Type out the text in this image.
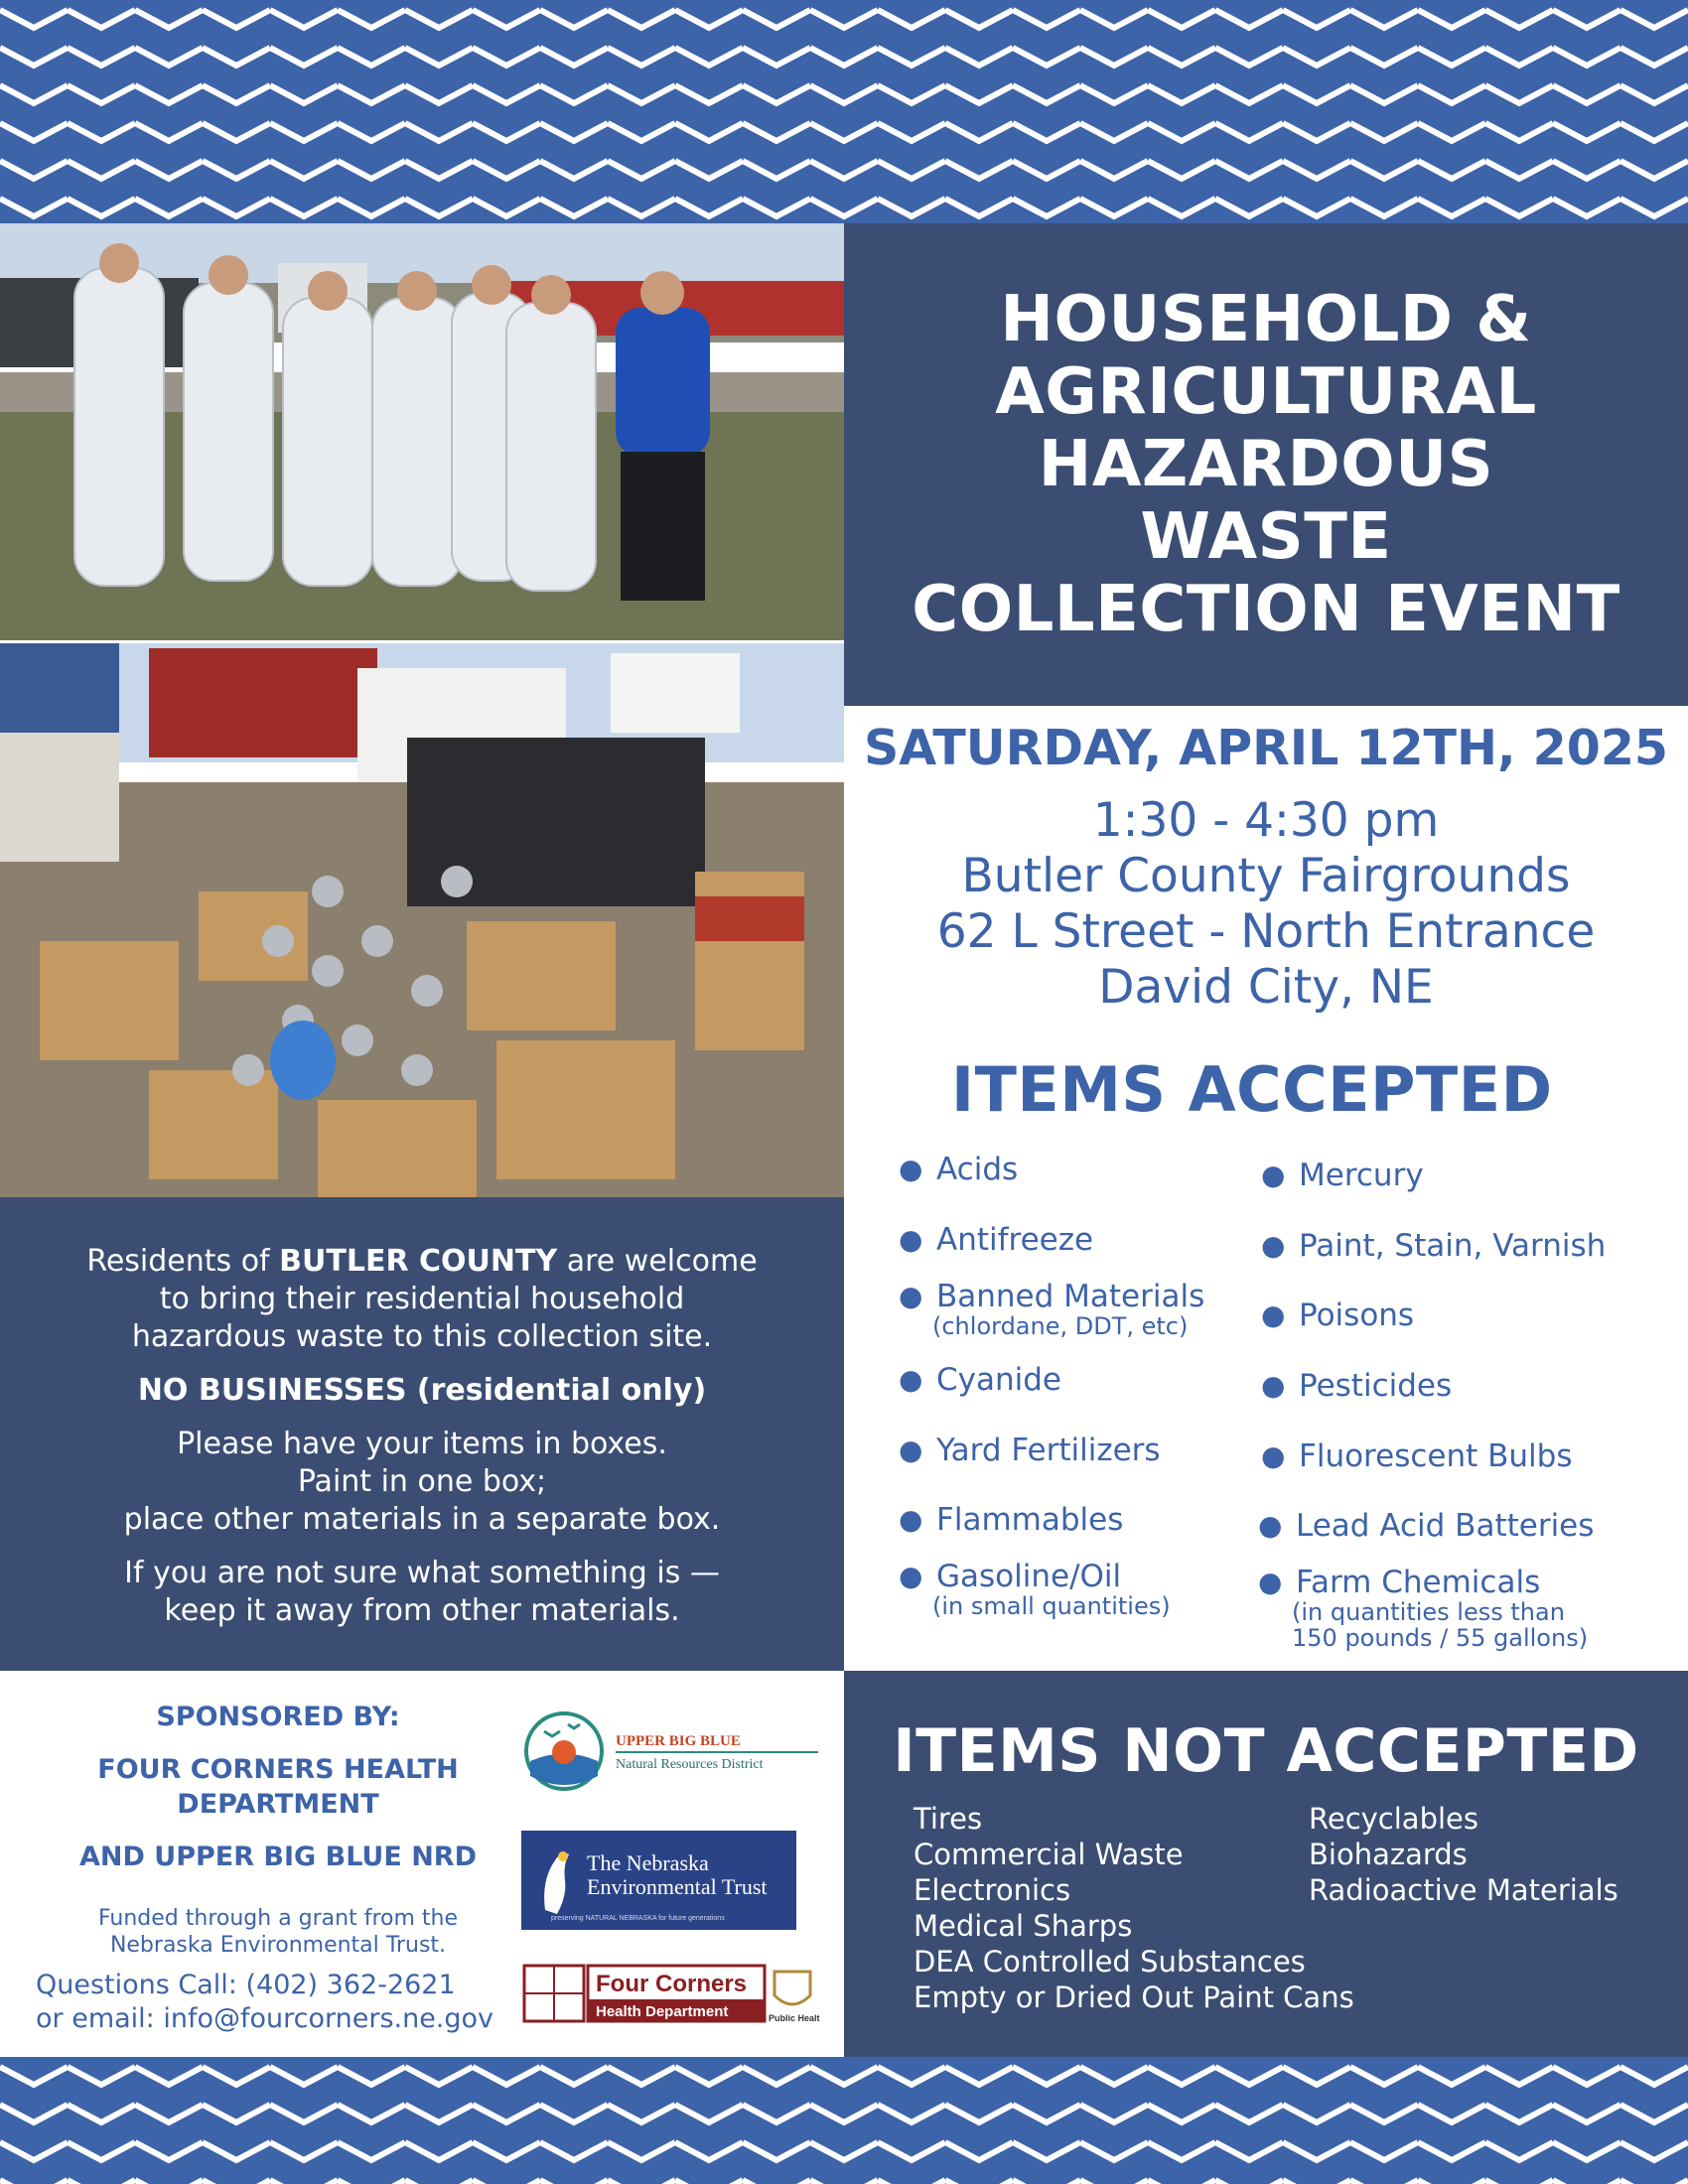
HOUSEHOLD &
AGRICULTURAL
HAZARDOUS
WASTE
COLLECTION EVENT
SATURDAY, APRIL 12TH, 2025
1:30 - 4:30 pm
Butler County Fairgrounds
62 L Street - North Entrance
David City, NE
ITEMS ACCEPTED
● Acids
● Antifreeze
● Banned Materials
(chlordane, DDT, etc)
● Cyanide
● Yard Fertilizers
● Flammables
● Gasoline/Oil
(in small quantities)
● Mercury
● Paint, Stain, Varnish
● Poisons
● Pesticides
● Fluorescent Bulbs
● Lead Acid Batteries
● Farm Chemicals
(in quantities less than
150 pounds / 55 gallons)

Residents of BUTLER COUNTY are welcome

to bring their residential household

hazardous waste to this collection site.

NO BUSINESSES (residential only)

Please have your items in boxes.

Paint in one box;

place other materials in a separate box.

If you are not sure what something is —

keep it away from other materials.

SPONSORED BY:
FOUR CORNERS HEALTH
DEPARTMENT
AND UPPER BIG BLUE NRD
Funded through a grant from the
Nebraska Environmental Trust.
Questions Call: (402) 362-2621
or email: info@fourcorners.ne.gov
UPPER BIG BLUE
Natural Resources District
The Nebraska
Environmental Trust
preserving NATURAL NEBRASKA for future generations
Four Corners
Health Department	Public Health
ITEMS NOT ACCEPTED
Tires
Commercial Waste
Electronics
Medical Sharps
DEA Controlled Substances
Empty or Dried Out Paint Cans
Recyclables
Biohazards
Radioactive Materials
